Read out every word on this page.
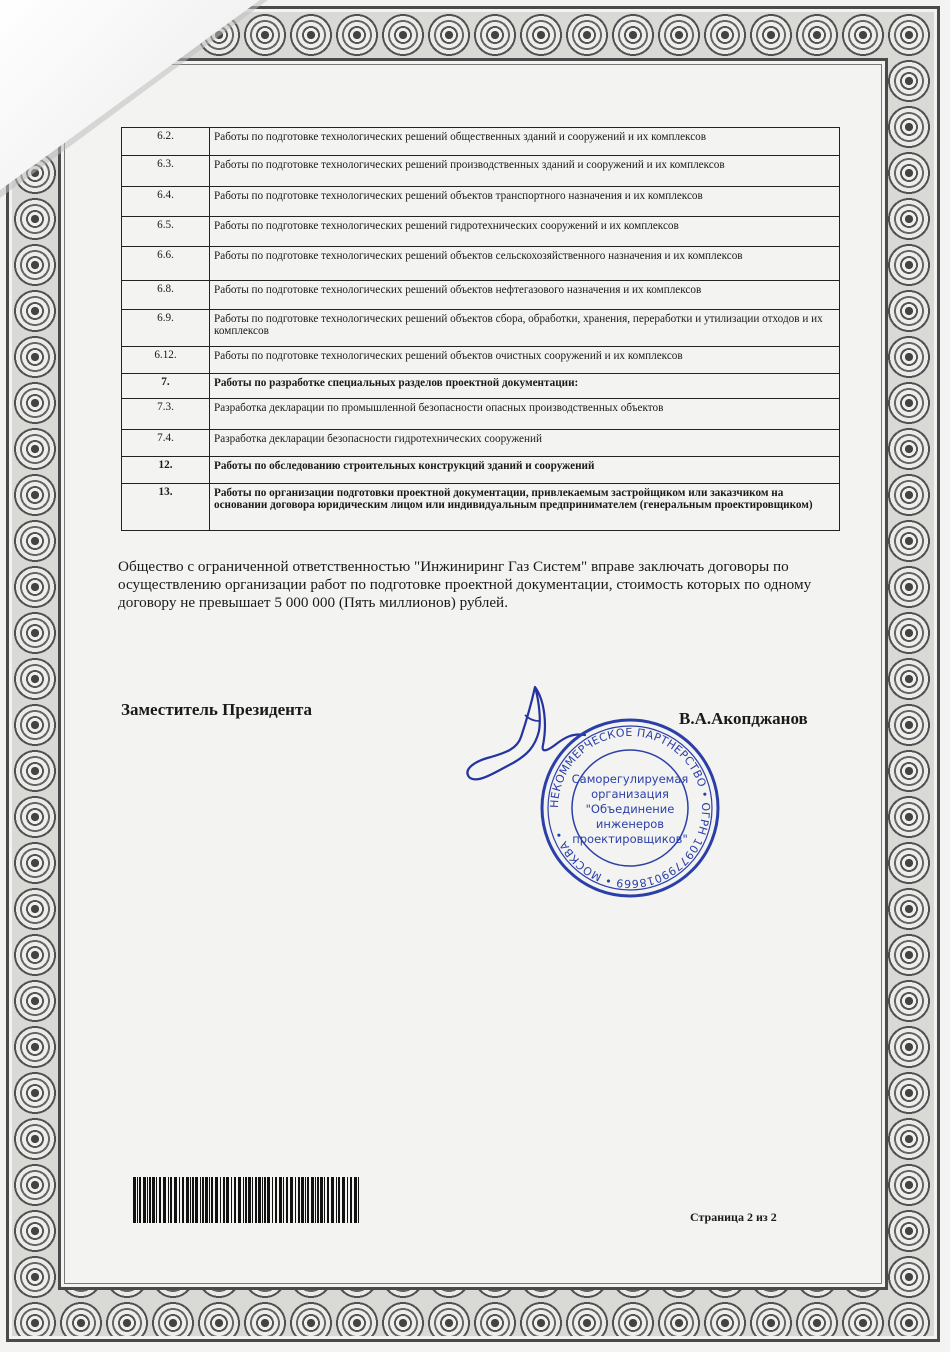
6.2.	Работы по подготовке технологических решений общественных зданий и сооружений и их комплексов
6.3.	Работы по подготовке технологических решений производственных зданий и сооружений и их комплексов
6.4.	Работы по подготовке технологических решений объектов транспортного назначения и их комплексов
6.5.	Работы по подготовке технологических решений гидротехнических сооружений и их комплексов
6.6.	Работы по подготовке технологических решений объектов сельскохозяйственного назначения и их комплексов
6.8.	Работы по подготовке технологических решений объектов нефтегазового назначения и их комплексов
6.9.	Работы по подготовке технологических решений объектов сбора, обработки, хранения, переработки и утилизации отходов и их комплексов
6.12.	Работы по подготовке технологических решений объектов очистных сооружений и их комплексов
7.	Работы по разработке специальных разделов проектной документации:
7.3.	Разработка декларации по промышленной безопасности опасных производственных объектов
7.4.	Разработка декларации безопасности гидротехнических сооружений
12.	Работы по обследованию строительных конструкций зданий и сооружений
13.	Работы по организации подготовки проектной документации, привлекаемым застройщиком или заказчиком на основании договора юридическим лицом или индивидуальным предпринимателем (генеральным проектировщиком)
Общество с ограниченной ответственностью "Инжиниринг Газ Систем" вправе заключать договоры по осуществлению организации работ по подготовке проектной документации, стоимость которых по одному договору не превышает 5 000 000 (Пять миллионов) рублей.
Заместитель Президента
НЕКОММЕРЧЕСКОЕ ПАРТНЕРСТВО • ОГРН 1097799018669 • МОСКВА •
Саморегулируемая
организация
"Объединение
инженеров
проектировщиков"
В.А.Акопджанов
Страница 2 из 2
